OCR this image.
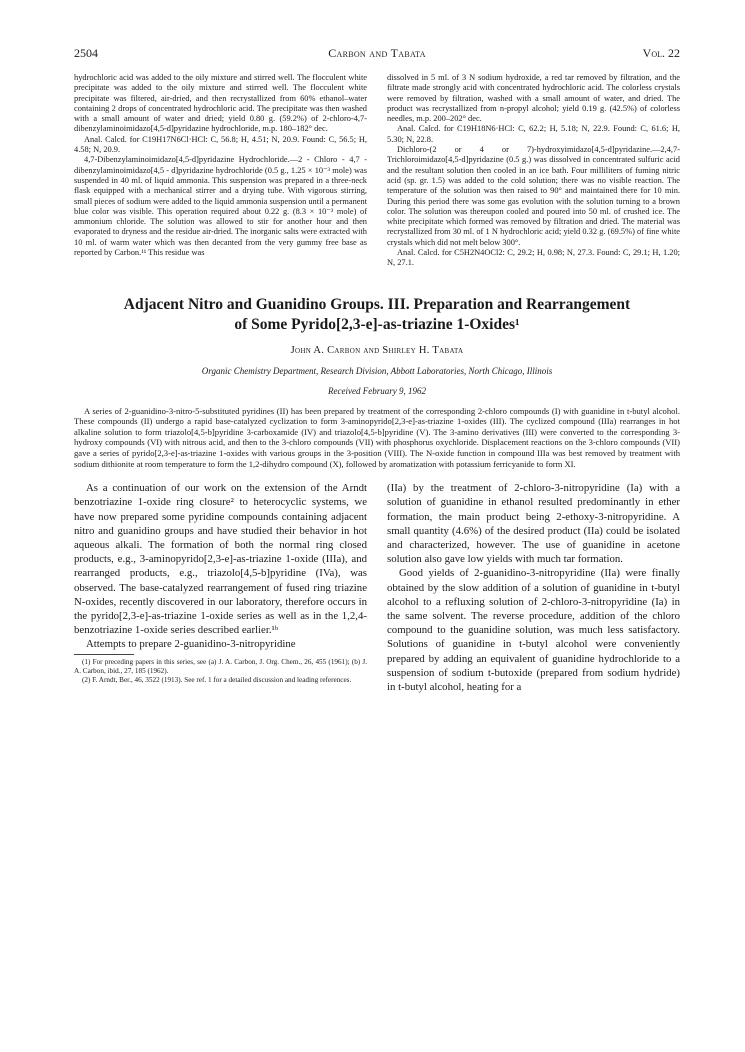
2504	Carbon and Tabata	Vol. 22

hydrochloric acid was added to the oily mixture and stirred well. The flocculent white precipitate was added to the oily mixture and stirred well. The flocculent white precipitate was filtered, air-dried, and then recrystallized from 60% ethanol–water containing 2 drops of concentrated hydrochloric acid. The precipitate was then washed with a small amount of water and dried; yield 0.80 g. (59.2%) of 2-chloro-4,7-dibenzylaminoimidazo[4,5-d]pyridazine hydrochloride, m.p. 180–182° dec.

Anal. Calcd. for C19H17N6Cl·HCl: C, 56.8; H, 4.51; N, 20.9. Found: C, 56.5; H, 4.58; N, 20.9.

4,7-Dibenzylaminoimidazo[4,5-d]pyridazine Hydrochloride.—2 - Chloro - 4,7 - dibenzylaminoimidazo[4,5 - d]pyridazine hydrochloride (0.5 g., 1.25 × 10⁻³ mole) was suspended in 40 ml. of liquid ammonia. This suspension was prepared in a three-neck flask equipped with a mechanical stirrer and a drying tube. With vigorous stirring, small pieces of sodium were added to the liquid ammonia suspension until a permanent blue color was visible. This operation required about 0.22 g. (8.3 × 10⁻³ mole) of ammonium chloride. The solution was allowed to stir for another hour and then evaporated to dryness and the residue air-dried. The inorganic salts were extracted with 10 ml. of warm water which was then decanted from the very gummy free base as reported by Carbon.¹¹ This residue was

dissolved in 5 ml. of 3 N sodium hydroxide, a red tar removed by filtration, and the filtrate made strongly acid with concentrated hydrochloric acid. The colorless crystals were removed by filtration, washed with a small amount of water, and dried. The product was recrystallized from n-propyl alcohol; yield 0.19 g. (42.5%) of colorless needles, m.p. 200–202° dec.

Anal. Calcd. for C19H18N6·HCl: C, 62.2; H, 5.18; N, 22.9. Found: C, 61.6; H, 5.30; N, 22.8.

Dichloro-(2 or 4 or 7)-hydroxyimidazo[4,5-d]pyridazine.—2,4,7-Trichloroimidazo[4,5-d]pyridazine (0.5 g.) was dissolved in concentrated sulfuric acid and the resultant solution then cooled in an ice bath. Four milliliters of fuming nitric acid (sp. gr. 1.5) was added to the cold solution; there was no visible reaction. The temperature of the solution was then raised to 90° and maintained there for 10 min. During this period there was some gas evolution with the solution turning to a brown color. The solution was thereupon cooled and poured into 50 ml. of crushed ice. The white precipitate which formed was removed by filtration and dried. The material was recrystallized from 30 ml. of 1 N hydrochloric acid; yield 0.32 g. (69.5%) of fine white crystals which did not melt below 300°.

Anal. Calcd. for C5H2N4OCl2: C, 29.2; H, 0.98; N, 27.3. Found: C, 29.1; H, 1.20; N, 27.1.

Adjacent Nitro and Guanidino Groups. III. Preparation and Rearrangement
of Some Pyrido[2,3-e]-as-triazine 1-Oxides¹
John A. Carbon and Shirley H. Tabata
Organic Chemistry Department, Research Division, Abbott Laboratories, North Chicago, Illinois
Received February 9, 1962
A series of 2-guanidino-3-nitro-5-substituted pyridines (II) has been prepared by treatment of the corresponding 2-chloro compounds (I) with guanidine in t-butyl alcohol. These compounds (II) undergo a rapid base-catalyzed cyclization to form 3-aminopyrido[2,3-e]-as-triazine 1-oxides (III). The cyclized compound (IIIa) rearranges in hot alkaline solution to form triazolo[4,5-b]pyridine 3-carboxamide (IV) and triazolo[4,5-b]pyridine (V). The 3-amino derivatives (III) were converted to the corresponding 3-hydroxy compounds (VI) with nitrous acid, and then to the 3-chloro compounds (VII) with phosphorus oxychloride. Displacement reactions on the 3-chloro compounds (VII) gave a series of pyrido[2,3-e]-as-triazine 1-oxides with various groups in the 3-position (VIII). The N-oxide function in compound IIIa was best removed by treatment with sodium dithionite at room temperature to form the 1,2-dihydro compound (X), followed by aromatization with potassium ferricyanide to form XI.

As a continuation of our work on the extension of the Arndt benzotriazine 1-oxide ring closure² to heterocyclic systems, we have now prepared some pyridine compounds containing adjacent nitro and guanidino groups and have studied their behavior in hot aqueous alkali. The formation of both the normal ring closed products, e.g., 3-aminopyrido[2,3-e]-as-triazine 1-oxide (IIIa), and rearranged products, e.g., triazolo[4,5-b]pyridine (IVa), was observed. The base-catalyzed rearrangement of fused ring triazine N-oxides, recently discovered in our laboratory, therefore occurs in the pyrido[2,3-e]-as-triazine 1-oxide series as well as in the 1,2,4-benzotriazine 1-oxide series described earlier.¹ᵇ

Attempts to prepare 2-guanidino-3-nitropyridine

(1) For preceding papers in this series, see (a) J. A. Carbon, J. Org. Chem., 26, 455 (1961); (b) J. A. Carbon, ibid., 27, 185 (1962).

(2) F. Arndt, Ber., 46, 3522 (1913). See ref. 1 for a detailed discussion and leading references.

(IIa) by the treatment of 2-chloro-3-nitropyridine (Ia) with a solution of guanidine in ethanol resulted predominantly in ether formation, the main product being 2-ethoxy-3-nitropyridine. A small quantity (4.6%) of the desired product (IIa) could be isolated and characterized, however. The use of guanidine in acetone solution also gave low yields with much tar formation.

Good yields of 2-guanidino-3-nitropyridine (IIa) were finally obtained by the slow addition of a solution of guanidine in t-butyl alcohol to a refluxing solution of 2-chloro-3-nitropyridine (Ia) in the same solvent. The reverse procedure, addition of the chloro compound to the guanidine solution, was much less satisfactory. Solutions of guanidine in t-butyl alcohol were conveniently prepared by adding an equivalent of guanidine hydrochloride to a suspension of sodium t-butoxide (prepared from sodium hydride) in t-butyl alcohol, heating for a
